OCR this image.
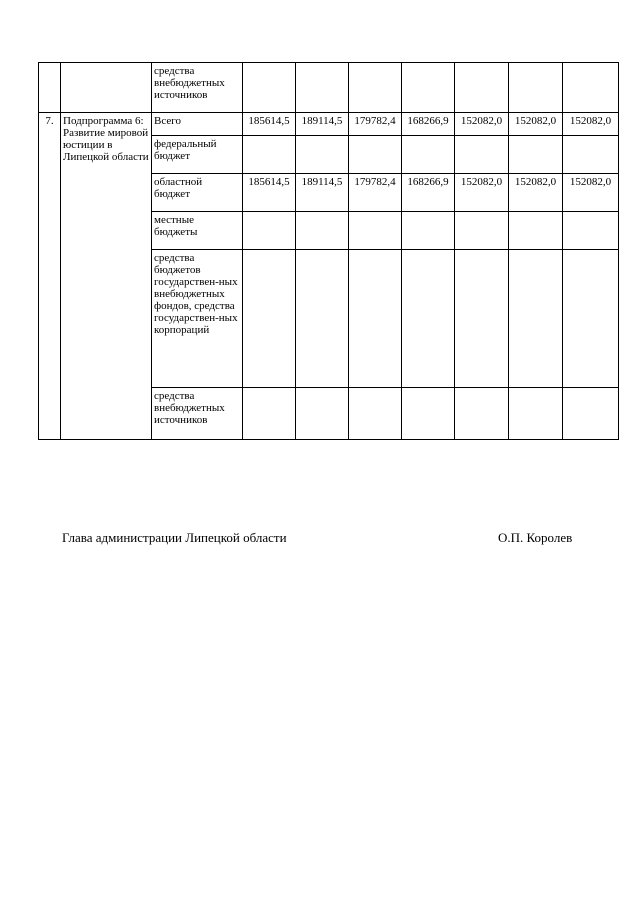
		средства внебюджетных источников							
7.	Подпрограмма 6: Развитие мировой юстиции в Липецкой области	Всего	185614,5	189114,5	179782,4	168266,9	152082,0	152082,0	152082,0
		федеральный бюджет							
		областной бюджет	185614,5	189114,5	179782,4	168266,9	152082,0	152082,0	152082,0
		местные бюджеты							
		средства бюджетов государствен-ных внебюджетных фондов, средства государствен-ных корпораций							
		средства внебюджетных источников							
Глава администрации Липецкой области	О.П. Королев
